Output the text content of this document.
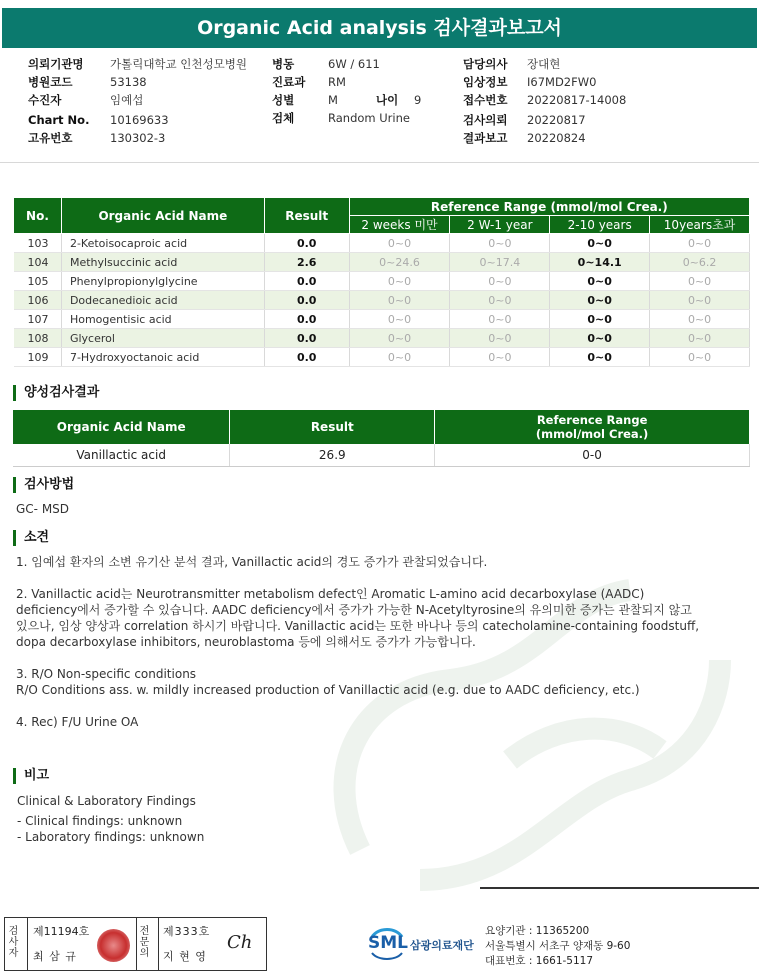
Organic Acid analysis 검사결과보고서
의뢰기관명 가톨릭대학교 인천성모병원
병원코드	53138
수진자	임예섭
Chart No. 10169633
고유번호	130302-3
병동	6W / 611
진료과 RM
성별	M	나이 9
검체	Random Urine
담당의사 장대현
임상정보 I67MD2FW0
접수번호 20220817-14008
검사의뢰 20220817
결과보고 20220824
No.	Organic Acid Name	Result	Reference Range (mmol/mol Crea.)			
			2 weeks 미만	2 W-1 year	2-10 years	10years초과
103	2-Ketoisocaproic acid	0.0	0~0	0~0	0~0	0~0
104	Methylsuccinic acid	2.6	0~24.6	0~17.4	0~14.1	0~6.2
105	Phenylpropionylglycine	0.0	0~0	0~0	0~0	0~0
106	Dodecanedioic acid	0.0	0~0	0~0	0~0	0~0
107	Homogentisic acid	0.0	0~0	0~0	0~0	0~0
108	Glycerol	0.0	0~0	0~0	0~0	0~0
109	7-Hydroxyoctanoic acid	0.0	0~0	0~0	0~0	0~0
양성검사결과
Organic Acid Name	Result	Reference Range
(mmol/mol Crea.)

Vanillactic acid	26.9	0-0
검사방법
GC- MSD
소견
1. 임예섭 환자의 소변 유기산 분석 결과, Vanillactic acid의 경도 증가가 관찰되었습니다.
2. Vanillactic acid는 Neurotransmitter metabolism defect인 Aromatic L-amino acid decarboxylase (AADC)
deficiency에서 증가할 수 있습니다. AADC deficiency에서 증가가 가능한 N-Acetyltyrosine의 유의미한 증가는 관찰되지 않고
있으나, 임상 양상과 correlation 하시기 바랍니다. Vanillactic acid는 또한 바나나 등의 catecholamine-containing foodstuff,
dopa decarboxylase inhibitors, neuroblastoma 등에 의해서도 증가가 가능합니다.
3. R/O Non-specific conditions
R/O Conditions ass. w. mildly increased production of Vanillactic acid (e.g. due to AADC deficiency, etc.)
4. Rec) F/U Urine OA
비고
Clinical & Laboratory Findings
- Clinical findings: unknown
- Laboratory findings: unknown
검사자
제11194호
최 삼 규
전문의
제333호
지 현 영
Ch	SML 삼광의료재단
요양기관 : 11365200
서울특별시 서초구 양재동 9-60
대표번호 : 1661-5117
